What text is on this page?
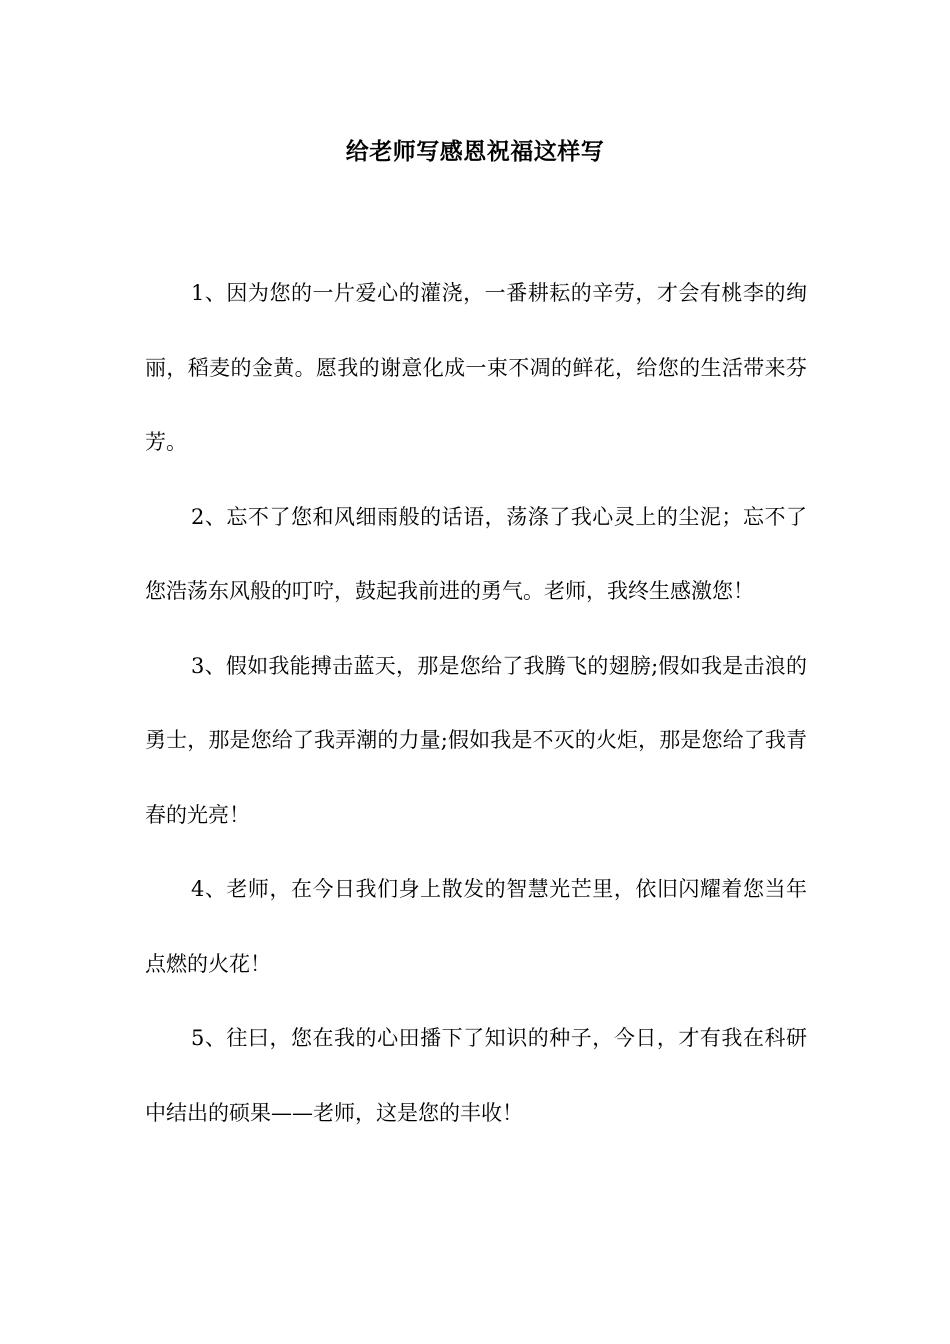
给老师写感恩祝福这样写

1、因为您的一片爱心的灌浇，一番耕耘的辛劳，才会有桃李的绚丽，稻麦的金黄。愿我的谢意化成一束不凋的鲜花，给您的生活带来芬芳。

2、忘不了您和风细雨般的话语，荡涤了我心灵上的尘泥；忘不了您浩荡东风般的叮咛，鼓起我前进的勇气。老师，我终生感激您！

3、假如我能搏击蓝天，那是您给了我腾飞的翅膀;假如我是击浪的勇士，那是您给了我弄潮的力量;假如我是不灭的火炬，那是您给了我青春的光亮！

4、老师，在今日我们身上散发的智慧光芒里，依旧闪耀着您当年点燃的火花！

5、往曰，您在我的心田播下了知识的种子，今日，才有我在科研中结出的硕果——老师，这是您的丰收！
